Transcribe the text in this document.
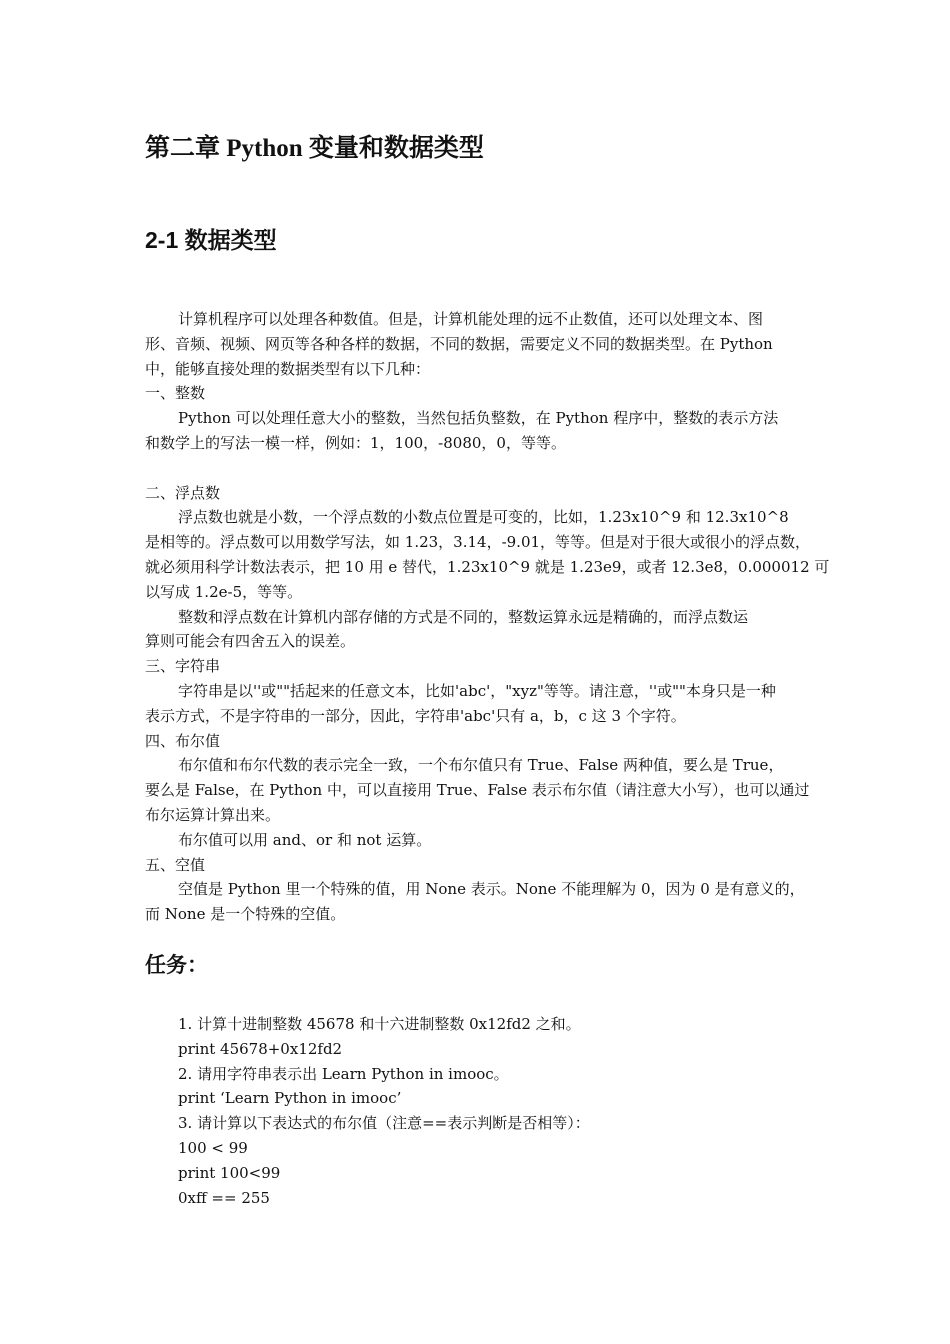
第二章 Python 变量和数据类型
2-1 数据类型

计算机程序可以处理各种数值。但是，计算机能处理的远不止数值，还可以处理文本、图

形、音频、视频、网页等各种各样的数据，不同的数据，需要定义不同的数据类型。在 Python

中，能够直接处理的数据类型有以下几种：

一、整数

Python 可以处理任意大小的整数，当然包括负整数，在 Python 程序中，整数的表示方法

和数学上的写法一模一样，例如：1，100，-8080，0，等等。

二、浮点数

浮点数也就是小数，一个浮点数的小数点位置是可变的，比如，1.23x10^9 和 12.3x10^8

是相等的。浮点数可以用数学写法，如 1.23，3.14，-9.01，等等。但是对于很大或很小的浮点数，

就必须用科学计数法表示，把 10 用 e 替代，1.23x10^9 就是 1.23e9，或者 12.3e8，0.000012 可

以写成 1.2e-5，等等。

整数和浮点数在计算机内部存储的方式是不同的，整数运算永远是精确的，而浮点数运

算则可能会有四舍五入的误差。

三、字符串

字符串是以''或""括起来的任意文本，比如'abc'，"xyz"等等。请注意，''或""本身只是一种

表示方式，不是字符串的一部分，因此，字符串'abc'只有 a，b，c 这 3 个字符。

四、布尔值

布尔值和布尔代数的表示完全一致，一个布尔值只有 True、False 两种值，要么是 True，

要么是 False，在 Python 中，可以直接用 True、False 表示布尔值（请注意大小写），也可以通过

布尔运算计算出来。

布尔值可以用 and、or 和 not 运算。

五、空值

空值是 Python 里一个特殊的值，用 None 表示。None 不能理解为 0，因为 0 是有意义的，

而 None 是一个特殊的空值。

任务：

1. 计算十进制整数 45678 和十六进制整数 0x12fd2 之和。

print 45678+0x12fd2

2. 请用字符串表示出 Learn Python in imooc。

print ‘Learn Python in imooc’

3. 请计算以下表达式的布尔值（注意==表示判断是否相等）：

100 < 99

print 100<99

0xff == 255
